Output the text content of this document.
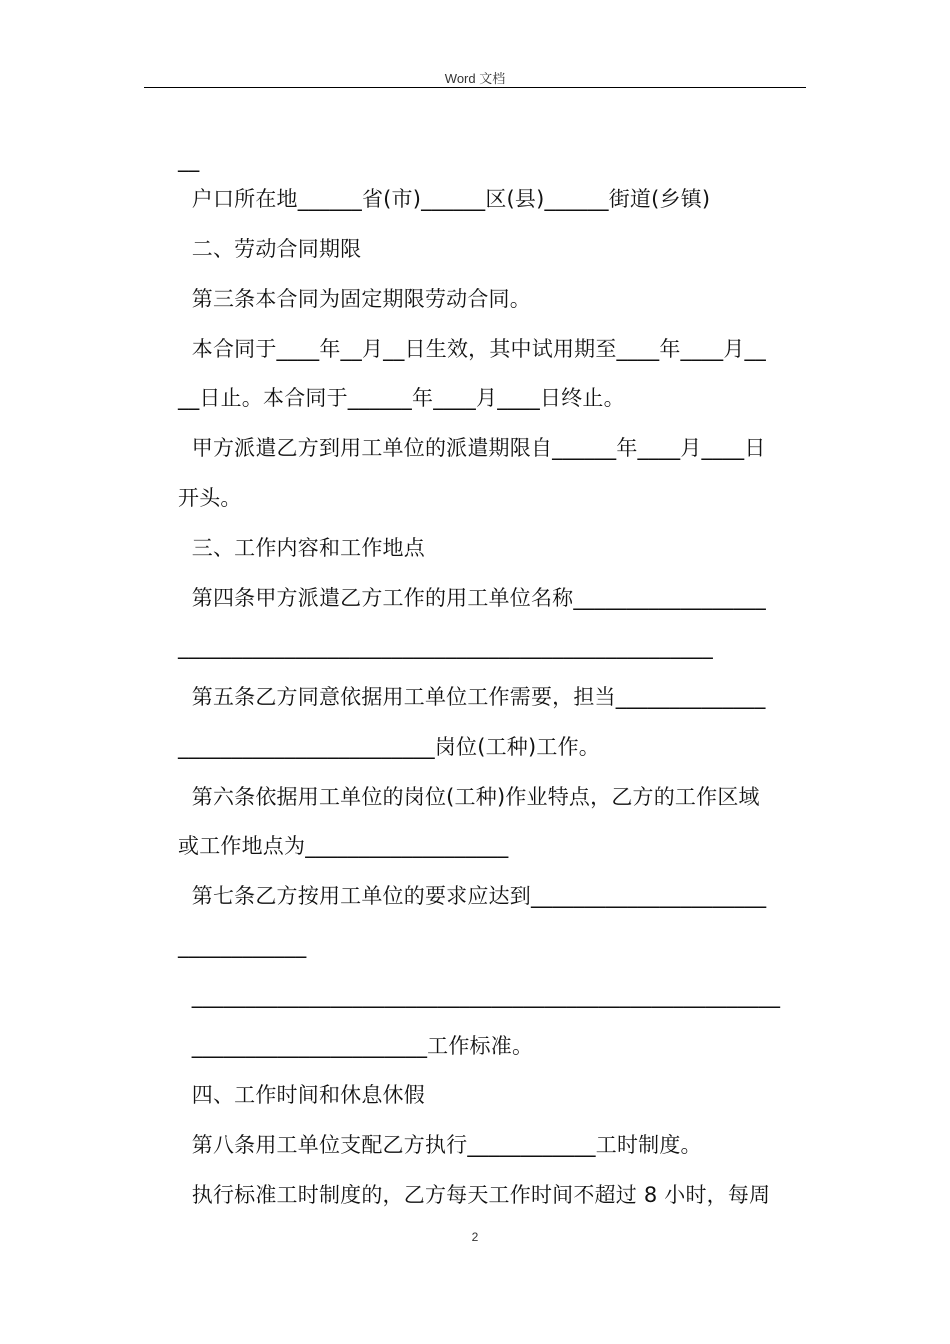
Word 文档
__
户口所在地______省(市)______区(县)______街道(乡镇)
二、劳动合同期限
第三条本合同为固定期限劳动合同。
本合同于____年__月__日生效，其中试用期至____年____月__
__日止。本合同于______年____月____日终止。
甲方派遣乙方到用工单位的派遣期限自______年____月____日
开头。
三、工作内容和工作地点
第四条甲方派遣乙方工作的用工单位名称__________________
__________________________________________________
第五条乙方同意依据用工单位工作需要，担当______________
________________________岗位(工种)工作。
第六条依据用工单位的岗位(工种)作业特点，乙方的工作区域
或工作地点为___________________
第七条乙方按用工单位的要求应达到______________________
____________
_______________________________________________________
______________________工作标准。
四、工作时间和休息休假
第八条用工单位支配乙方执行____________工时制度。
执行标准工时制度的，乙方每天工作时间不超过 8 小时，每周
2
